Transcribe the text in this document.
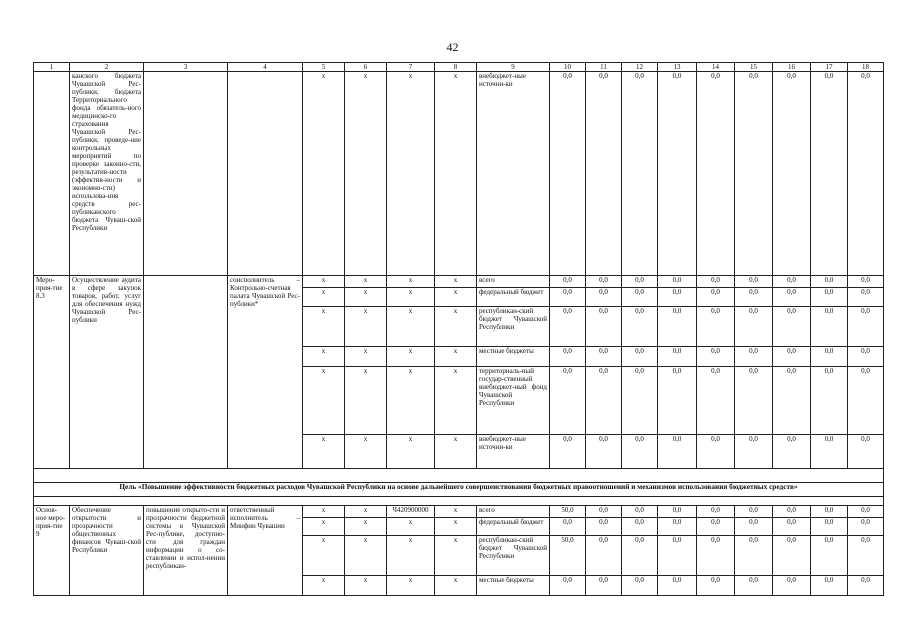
42
1	2	3	4	5	6	7	8	9	10	11	12	13	14	15	16	17	18
	канского бюджета Чувашской Рес-публики, бюджета Территориального фонда обязатель-ного медицинско-го страхования Чувашской Рес-публики, проведе-ние контрольных мероприятий по проверке законно-сти, результатив-ности (эффектив-ности и экономно-сти) использова-ния средств рес-публиканского бюджета Чуваш-ской Республики			x	x	x	x	внебюджет-ные источни-ки	0,0	0,0	0,0	0,0	0,0	0,0	0,0	0,0	0,0
Меро-прия-тие 8.3	Осуществление аудита в сфере закупок товаров, работ, услуг для обеспечения нужд Чувашской Рес-публики		соисполнитель – Контрольно-счетная палата Чувашской Рес-публики*	x	x	x	x	всего	0,0	0,0	0,0	0,0	0,0	0,0	0,0	0,0	0,0
				x	x	x	x	федеральный бюджет	0,0	0,0	0,0	0,0	0,0	0,0	0,0	0,0	0,0
				x	x	x	x	республикан-ский бюджет Чувашской Республики	0,0	0,0	0,0	0,0	0,0	0,0	0,0	0,0	0,0
				x	x	x	x	местные бюджеты	0,0	0,0	0,0	0,0	0,0	0,0	0,0	0,0	0,0
				x	x	x	x	территориаль-ный государ-ственный внебюджет-ный фонд Чувашской Республики	0,0	0,0	0,0	0,0	0,0	0,0	0,0	0,0	0,0
				x	x	x	x	внебюджет-ные источни-ки	0,0	0,0	0,0	0,0	0,0	0,0	0,0	0,0	0,0

Цель «Повышение эффективности бюджетных расходов Чувашской Республики на основе дальнейшего совершенствования бюджетных правоотношений и механизмов использования бюджетных средств»																	

Основ-ное меро-прия-тие 9	Обеспечение открытости и прозрачности общественных финансов Чуваш-ской Республики	повышение открыто-сти и прозрачности бюджетной системы в Чувашской Рес-публике, доступно-сти для граждан информации о со-ставлении и испол-нении республикан-	ответственный исполнитель – Минфин Чувашии	x	x	Ч420900000	x	всего	50,0	0,0	0,0	0,0	0,0	0,0	0,0	0,0	0,0
				x	x	x	x	федеральный бюджет	0,0	0,0	0,0	0,0	0,0	0,0	0,0	0,0	0,0
				x	x	x	x	республикан-ский бюджет Чувашской Республики	50,0	0,0	0,0	0,0	0,0	0,0	0,0	0,0	0,0
				x	x	x	x	местные бюджеты	0,0	0,0	0,0	0,0	0,0	0,0	0,0	0,0	0,0
